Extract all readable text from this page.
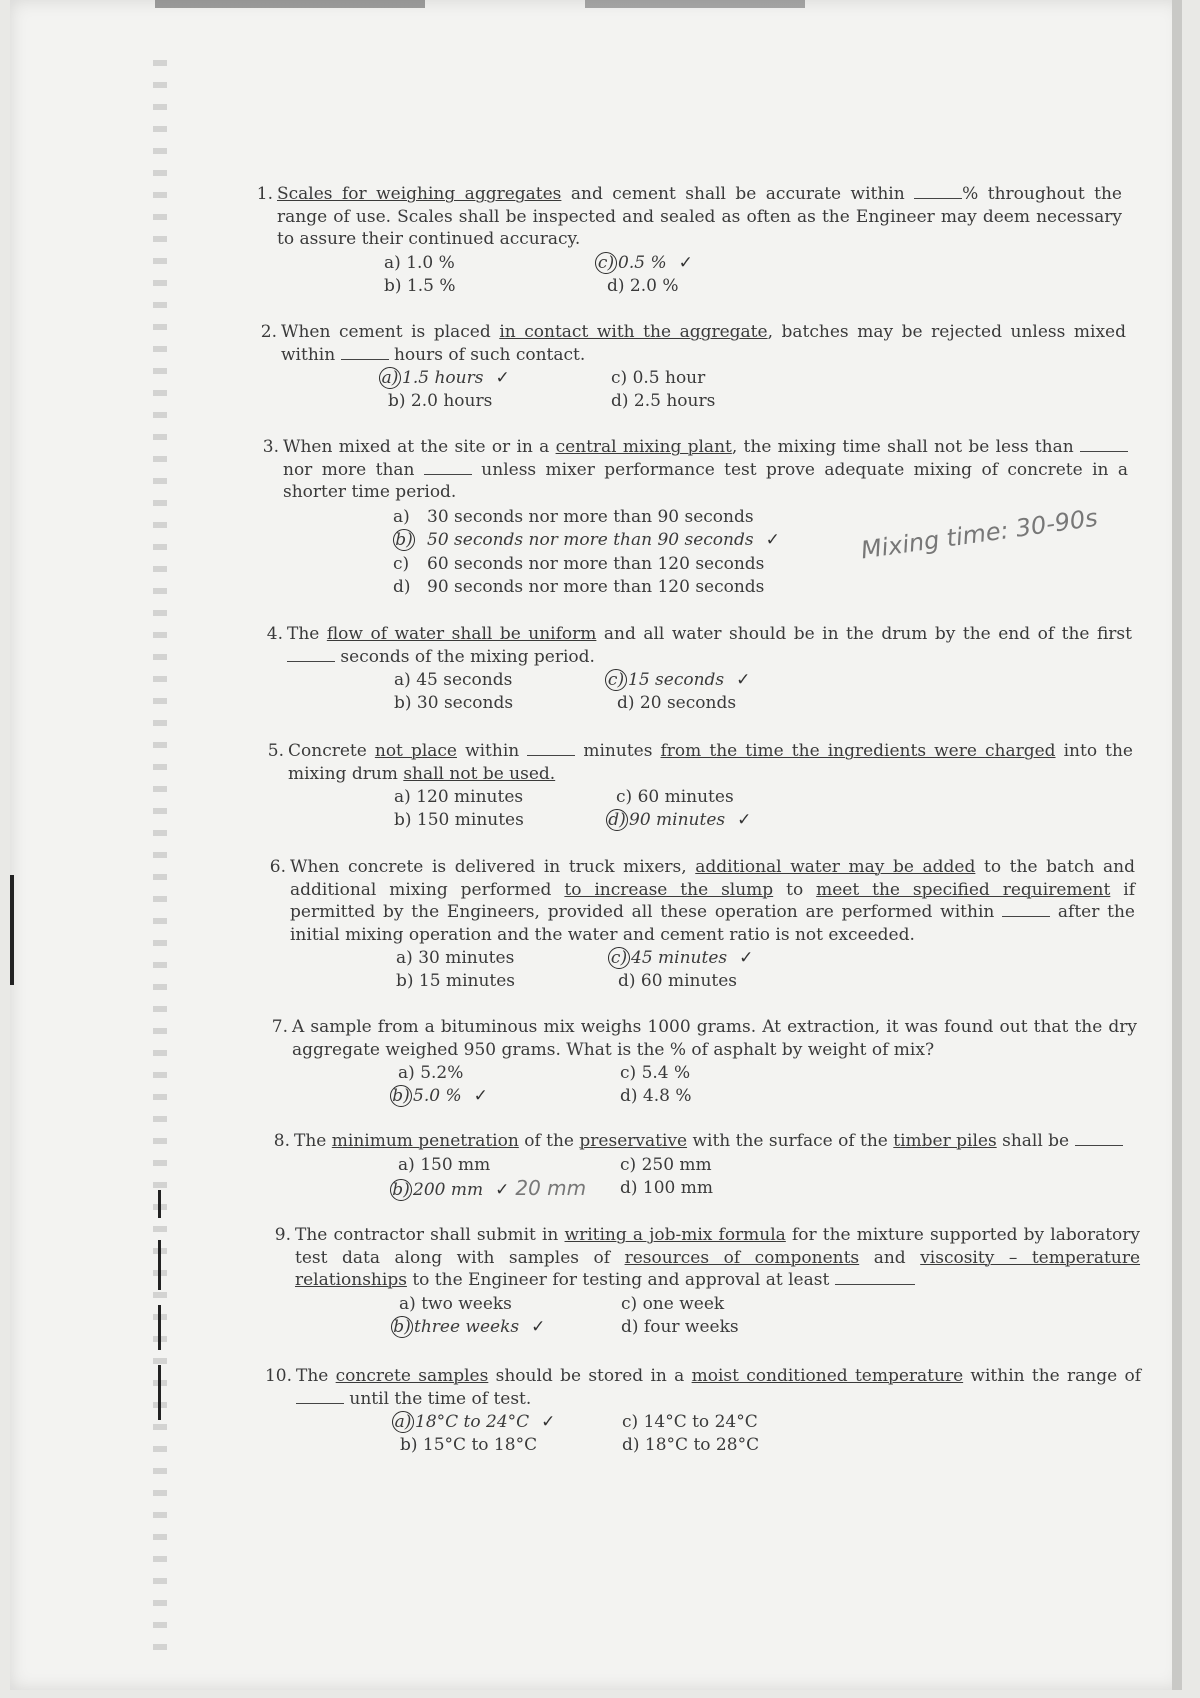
1. Scales for weighing aggregates and cement shall be accurate within	% throughout the range of use. Scales shall be inspected and sealed as often as the Engineer may deem necessary to assure their continued accuracy.
a) 1.0 %
b) 1.5 %
c) 0.5 % ✓
d) 2.0 %
2. When cement is placed in contact with the aggregate, batches may be rejected unless mixed within	hours of such contact.
a) 1.5 hours ✓
b) 2.0 hours
c) 0.5 hour
d) 2.5 hours
3. When mixed at the site or in a central mixing plant, the mixing time shall not be less than  nor more than	unless mixer performance test prove adequate mixing of concrete in a shorter time period.
a) 30 seconds nor more than 90 seconds
b) 50 seconds nor more than 90 seconds ✓
c) 60 seconds nor more than 120 seconds
d) 90 seconds nor more than 120 seconds
Mixing time: 30-90s
4. The flow of water shall be uniform and all water should be in the drum by the end of the first  seconds of the mixing period.
a) 45 seconds
b) 30 seconds
c) 15 seconds ✓
d) 20 seconds
5. Concrete not place within	minutes from the time the ingredients were charged into the mixing drum shall not be used.
a) 120 minutes
b) 150 minutes
c) 60 minutes
d) 90 minutes ✓
6. When concrete is delivered in truck mixers, additional water may be added to the batch and additional mixing performed to increase the slump to meet the specified requirement if permitted by the Engineers, provided all these operation are performed within	after the initial mixing operation and the water and cement ratio is not exceeded.
a) 30 minutes
b) 15 minutes
c) 45 minutes ✓
d) 60 minutes
7. A sample from a bituminous mix weighs 1000 grams. At extraction, it was found out that the dry aggregate weighed 950 grams. What is the % of asphalt by weight of mix?
a) 5.2%
b) 5.0 % ✓
c) 5.4 %
d) 4.8 %
8. The minimum penetration of the preservative with the surface of the timber piles shall be
a) 150 mm
b) 200 mm ✓ 20 mm
c) 250 mm
d) 100 mm
9. The contractor shall submit in writing a job-mix formula for the mixture supported by laboratory test data along with samples of resources of components and viscosity – temperature relationships to the Engineer for testing and approval at least
a) two weeks
b) three weeks ✓
c) one week
d) four weeks
10. The concrete samples should be stored in a moist conditioned temperature within the range of  until the time of test.
a) 18°C to 24°C ✓
b) 15°C to 18°C
c) 14°C to 24°C
d) 18°C to 28°C
